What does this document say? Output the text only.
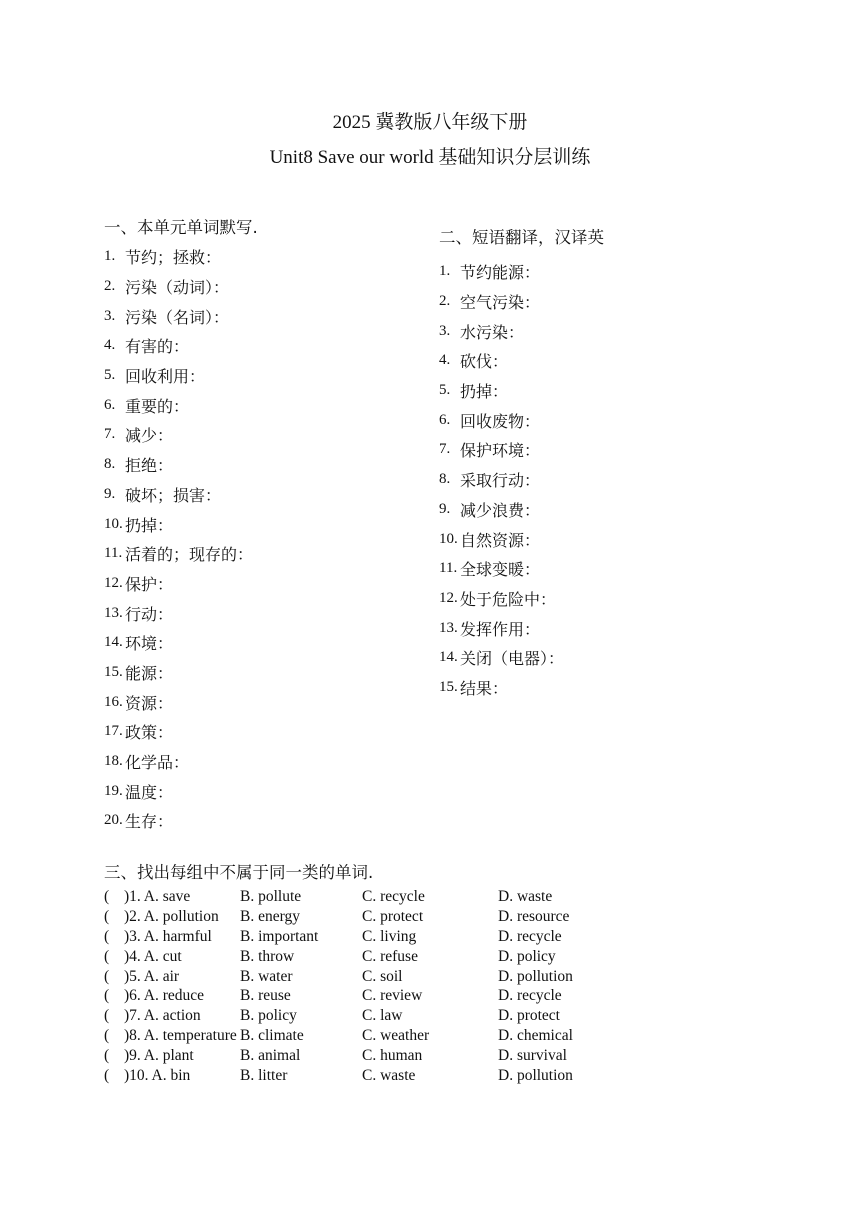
2025 冀教版八年级下册
Unit8 Save our world 基础知识分层训练
一、本单元单词默写.
1. 节约；拯救：
2. 污染（动词）：
3. 污染（名词）：
4. 有害的：
5. 回收利用：
6. 重要的：
7. 减少：
8. 拒绝：
9. 破坏；损害：
10. 扔掉：
11. 活着的；现存的：
12. 保护：
13. 行动：
14. 环境：
15. 能源：
16. 资源：
17. 政策：
18. 化学品：
19. 温度：
20. 生存：
二、短语翻译，汉译英
1. 节约能源：
2. 空气污染：
3. 水污染：
4. 砍伐：
5. 扔掉：
6. 回收废物：
7. 保护环境：
8. 采取行动：
9. 减少浪费：
10. 自然资源：
11. 全球变暖：
12. 处于危险中：
13. 发挥作用：
14. 关闭（电器）：
15. 结果：
三、找出每组中不属于同一类的单词.
( )1. A. save	B. pollute	C. recycle	D. waste
( )2. A. pollution B. energy	C. protect	D. resource
( )3. A. harmful B. important	C. living	D. recycle
( )4. A. cut	B. throw	C. refuse	D. policy
( )5. A. air	B. water	C. soil	D. pollution
( )6. A. reduce B. reuse	C. review	D. recycle
( )7. A. action	B. policy	C. law	D. protect
( )8. A. temperature B. climate	C. weather	D. chemical
( )9. A. plant	B. animal	C. human	D. survival
( )10. A. bin	B. litter	C. waste	D. pollution
